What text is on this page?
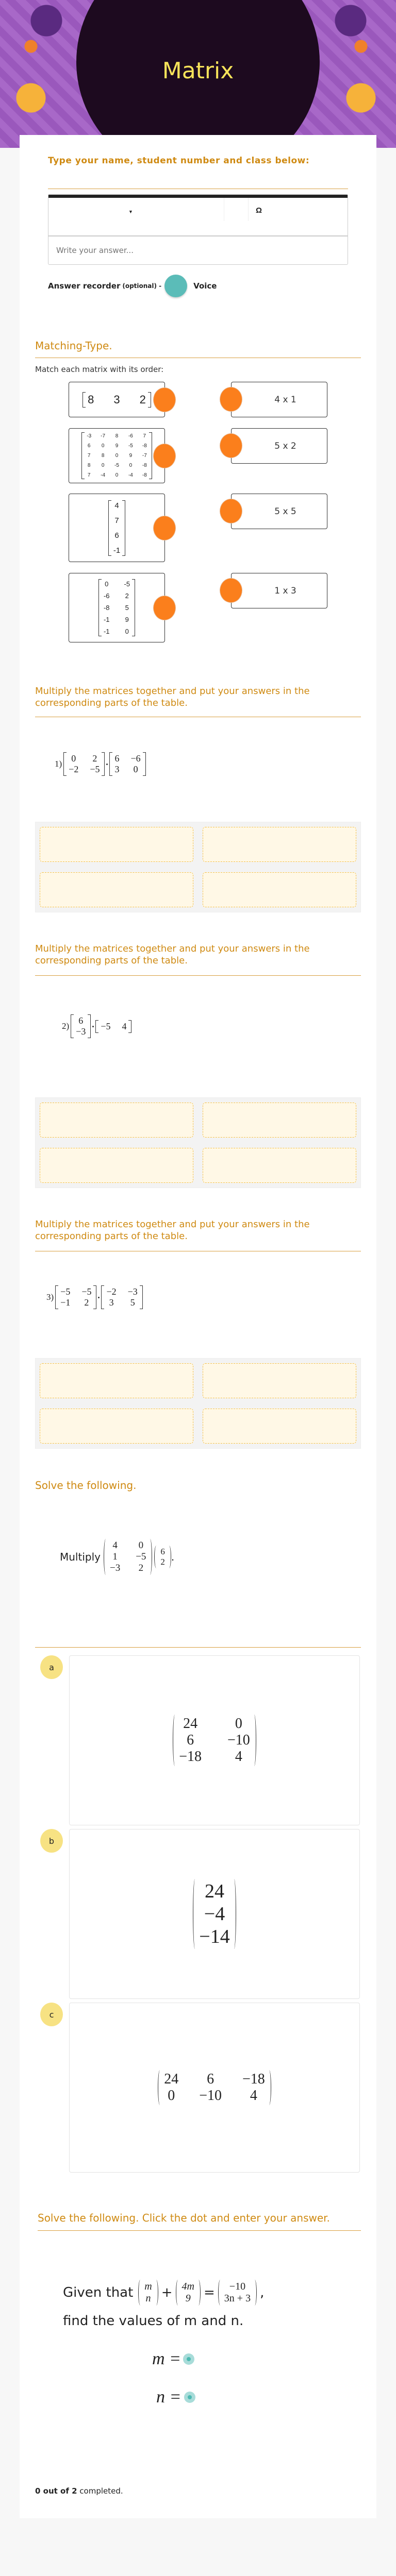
Matrix
Type your name, student number and class below:
▼	Ω
Write your answer...
Answer recorder (optional) -	Voice
Matching-Type.
Match each matrix with its order:
8 3 2
-3 -7 8 -6 7
6 0 9 -5 -8
7 8 0 9 -7
8 0 -5 0 -8
7 -4 0 -4 -8
4
7
6
-1
0 -5
-6 2
-8 5
-1 9
-1 0
4 x 1
5 x 2
5 x 5
1 x 3
Multiply the matrices together and put your answers in the corresponding parts of the table.
1)
0 2
−2 −5
6 −6
3 0
Multiply the matrices together and put your answers in the corresponding parts of the table.
2)
6
−3
−5 4
Multiply the matrices together and put your answers in the corresponding parts of the table.
3)
−5 −5
−1 2
−2 −3
3 5
Solve the following.
Multiply
4 0
1 −5
−3 2
6
2 .
a
24	0
6 −10
−18 4
b
24
−4
−14
c
24 6 −18
0 −10 4
Solve the following. Click the dot and enter your answer.
Given that m
n + 4m
9 = −10
3n + 3 ,
find the values of m and n.
m =
n =
0 out of 2 completed.
